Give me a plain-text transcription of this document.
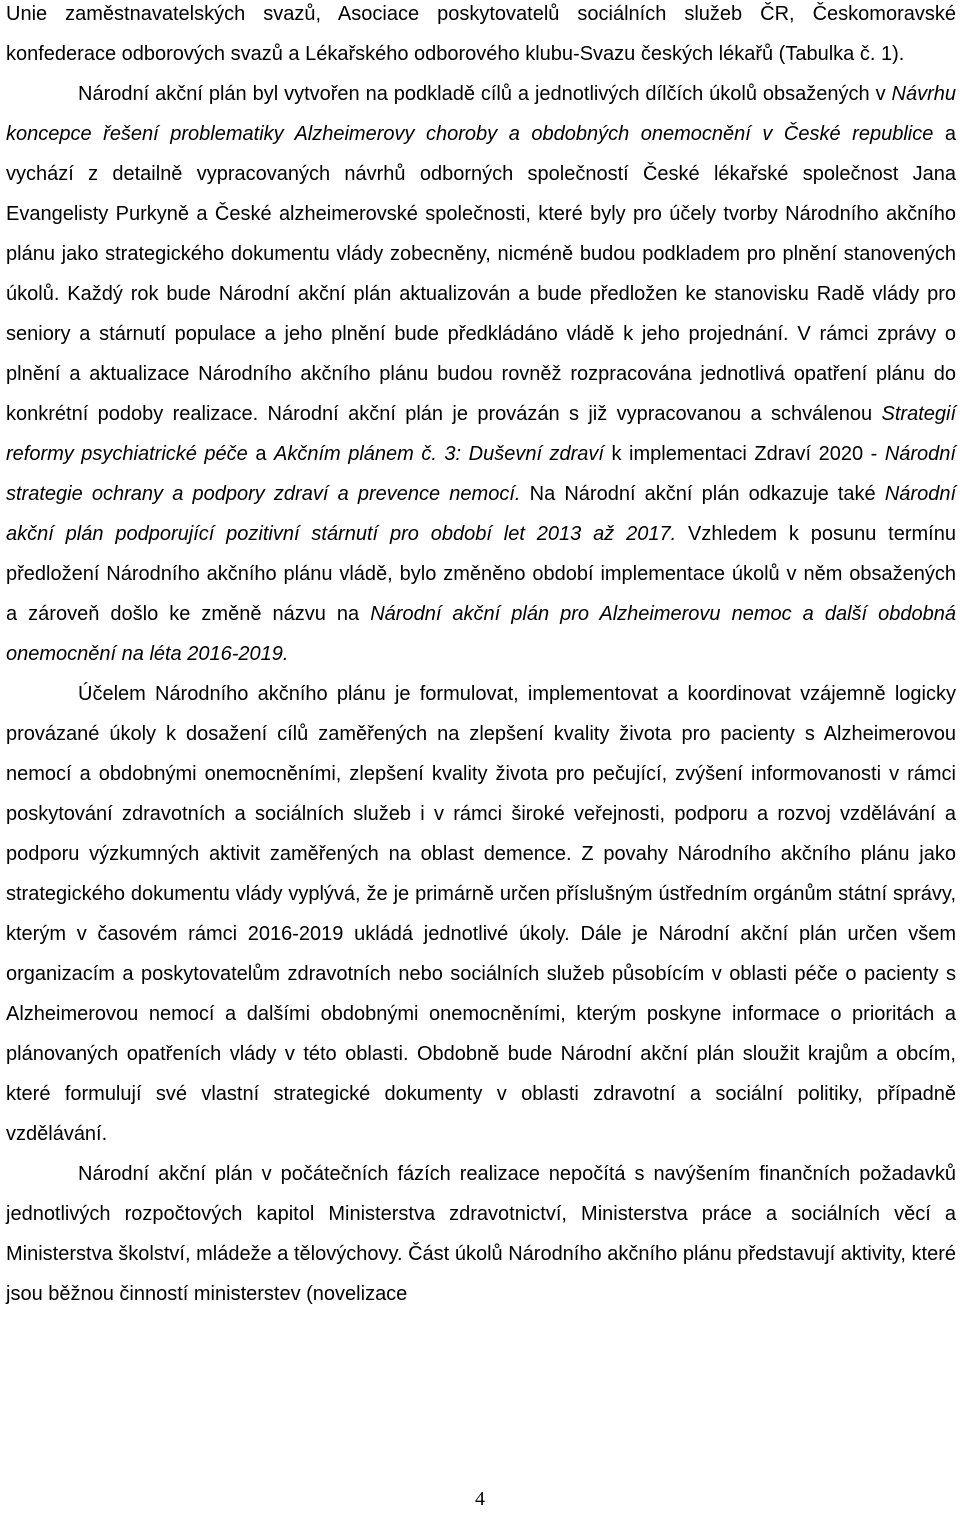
Unie zaměstnavatelských svazů, Asociace poskytovatelů sociálních služeb ČR, Českomoravské konfederace odborových svazů a Lékařského odborového klubu-Svazu českých lékařů (Tabulka č. 1).

Národní akční plán byl vytvořen na podkladě cílů a jednotlivých dílčích úkolů obsažených v Návrhu koncepce řešení problematiky Alzheimerovy choroby a obdobných onemocnění v České republice a vychází z detailně vypracovaných návrhů odborných společností České lékařské společnost Jana Evangelisty Purkyně a České alzheimerovské společnosti, které byly pro účely tvorby Národního akčního plánu jako strategického dokumentu vlády zobecněny, nicméně budou podkladem pro plnění stanovených úkolů. Každý rok bude Národní akční plán aktualizován a bude předložen ke stanovisku Radě vlády pro seniory a stárnutí populace a jeho plnění bude předkládáno vládě k jeho projednání. V rámci zprávy o plnění a aktualizace Národního akčního plánu budou rovněž rozpracována jednotlivá opatření plánu do konkrétní podoby realizace. Národní akční plán je provázán s již vypracovanou a schválenou Strategií reformy psychiatrické péče a Akčním plánem č. 3: Duševní zdraví k implementaci Zdraví 2020 - Národní strategie ochrany a podpory zdraví a prevence nemocí. Na Národní akční plán odkazuje také Národní akční plán podporující pozitivní stárnutí pro období let 2013 až 2017. Vzhledem k posunu termínu předložení Národního akčního plánu vládě, bylo změněno období implementace úkolů v něm obsažených a zároveň došlo ke změně názvu na Národní akční plán pro Alzheimerovu nemoc a další obdobná onemocnění na léta 2016-2019.

Účelem Národního akčního plánu je formulovat, implementovat a koordinovat vzájemně logicky provázané úkoly k dosažení cílů zaměřených na zlepšení kvality života pro pacienty s Alzheimerovou nemocí a obdobnými onemocněními, zlepšení kvality života pro pečující, zvýšení informovanosti v rámci poskytování zdravotních a sociálních služeb i v rámci široké veřejnosti, podporu a rozvoj vzdělávání a podporu výzkumných aktivit zaměřených na oblast demence. Z povahy Národního akčního plánu jako strategického dokumentu vlády vyplývá, že je primárně určen příslušným ústředním orgánům státní správy, kterým v časovém rámci 2016-2019 ukládá jednotlivé úkoly. Dále je Národní akční plán určen všem organizacím a poskytovatelům zdravotních nebo sociálních služeb působícím v oblasti péče o pacienty s Alzheimerovou nemocí a dalšími obdobnými onemocněními, kterým poskyne informace o prioritách a plánovaných opatřeních vlády v této oblasti. Obdobně bude Národní akční plán sloužit krajům a obcím, které formulují své vlastní strategické dokumenty v oblasti zdravotní a sociální politiky, případně vzdělávání.

Národní akční plán v počátečních fázích realizace nepočítá s navýšením finančních požadavků jednotlivých rozpočtových kapitol Ministerstva zdravotnictví, Ministerstva práce a sociálních věcí a Ministerstva školství, mládeže a tělovýchovy. Část úkolů Národního akčního plánu představují aktivity, které jsou běžnou činností ministerstev (novelizace

4
